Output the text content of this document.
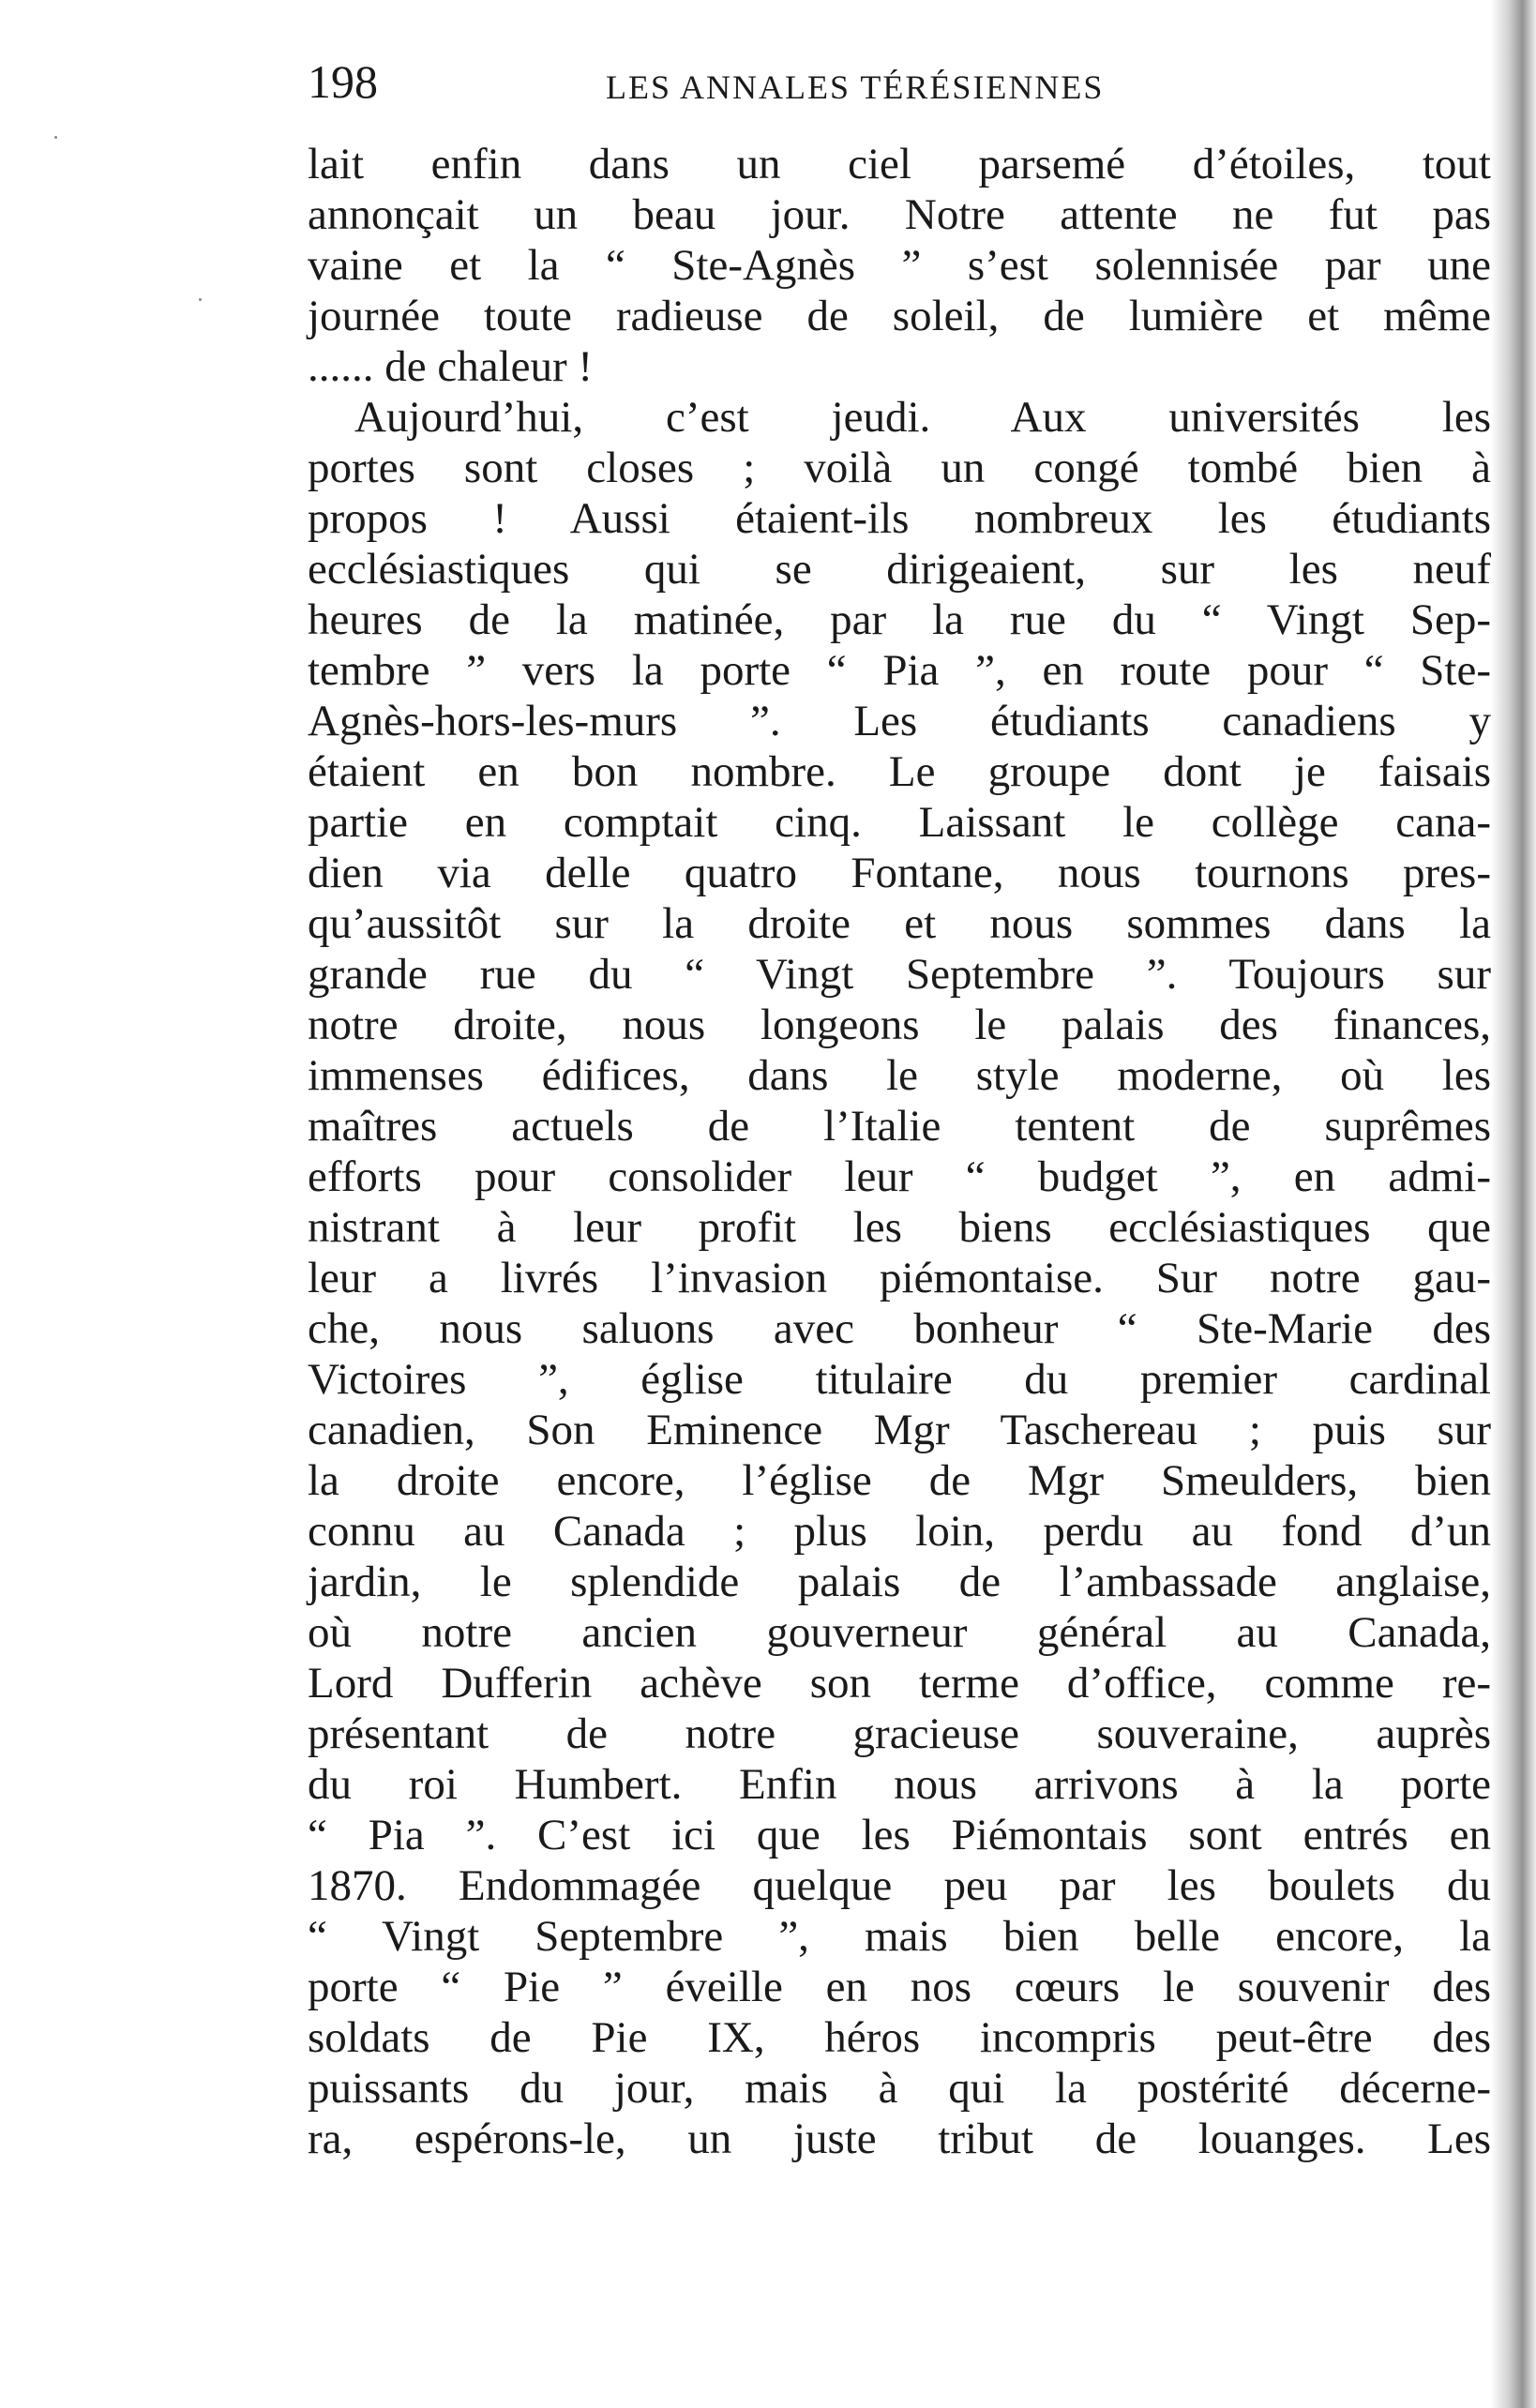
198	LES ANNALES TÉRÉSIENNES
lait enfin dans un ciel parsemé d’étoiles, tout
annonçait un beau jour. Notre attente ne fut pas
vaine et la “ Ste-Agnès ” s’est solennisée par une
journée toute radieuse de soleil, de lumière et même
...... de chaleur !
Aujourd’hui, c’est jeudi. Aux universités les
portes sont closes ; voilà un congé tombé bien à
propos ! Aussi étaient-ils nombreux les étudiants
ecclésiastiques qui se dirigeaient, sur les neuf
heures de la matinée, par la rue du “ Vingt Sep-
tembre ” vers la porte “ Pia ”, en route pour “ Ste-
Agnès-hors-les-murs ”. Les étudiants canadiens y
étaient en bon nombre. Le groupe dont je faisais
partie en comptait cinq. Laissant le collège cana-
dien via delle quatro Fontane, nous tournons pres-
qu’aussitôt sur la droite et nous sommes dans la
grande rue du “ Vingt Septembre ”. Toujours sur
notre droite, nous longeons le palais des finances,
immenses édifices, dans le style moderne, où les
maîtres actuels de l’Italie tentent de suprêmes
efforts pour consolider leur “ budget ”, en admi-
nistrant à leur profit les biens ecclésiastiques que
leur a livrés l’invasion piémontaise. Sur notre gau-
che, nous saluons avec bonheur “ Ste-Marie des
Victoires ”, église titulaire du premier cardinal
canadien, Son Eminence Mgr Taschereau ; puis sur
la droite encore, l’église de Mgr Smeulders, bien
connu au Canada ; plus loin, perdu au fond d’un
jardin, le splendide palais de l’ambassade anglaise,
où notre ancien gouverneur général au Canada,
Lord Dufferin achève son terme d’office, comme re-
présentant de notre gracieuse souveraine, auprès
du roi Humbert. Enfin nous arrivons à la porte
“ Pia ”. C’est ici que les Piémontais sont entrés en
1870. Endommagée quelque peu par les boulets du
“ Vingt Septembre ”, mais bien belle encore, la
porte “ Pie ” éveille en nos cœurs le souvenir des
soldats de Pie IX, héros incompris peut-être des
puissants du jour, mais à qui la postérité décerne-
ra, espérons-le, un juste tribut de louanges. Les
